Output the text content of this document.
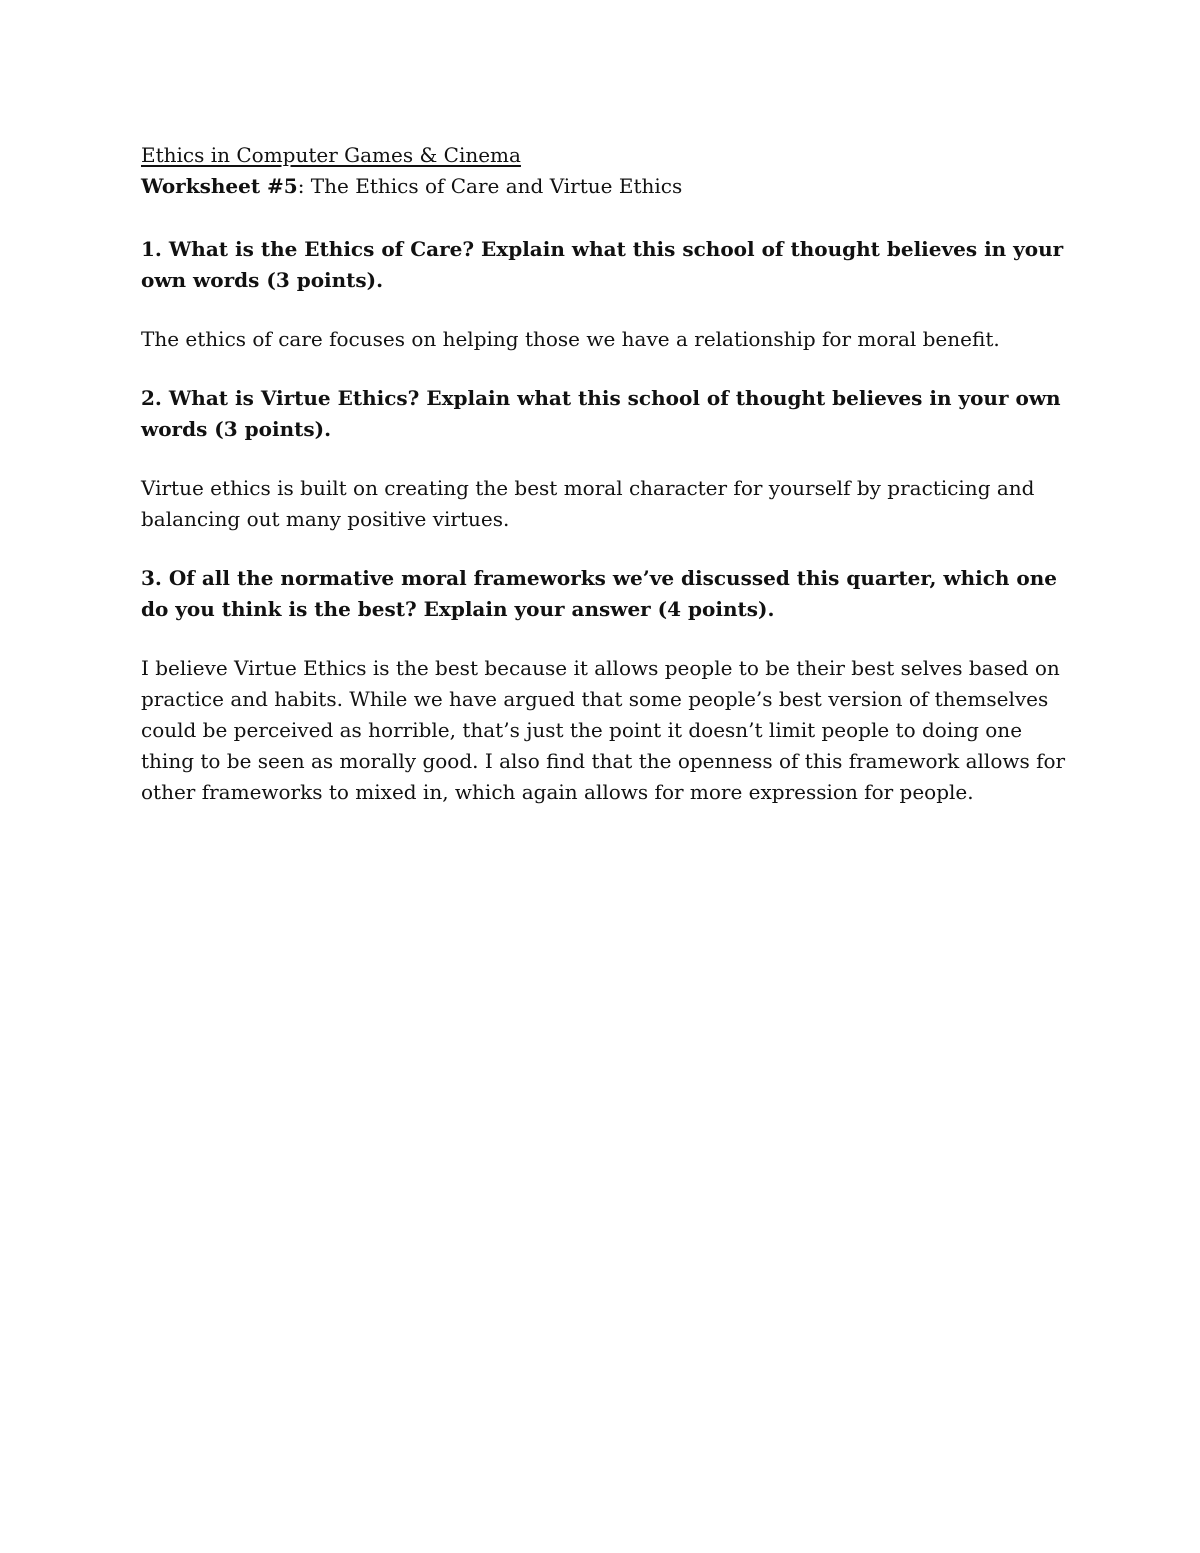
Ethics in Computer Games & Cinema

Worksheet #5: The Ethics of Care and Virtue Ethics

1. What is the Ethics of Care? Explain what this school of thought believes in your own words (3 points).

The ethics of care focuses on helping those we have a relationship for moral benefit.

2. What is Virtue Ethics? Explain what this school of thought believes in your own words (3 points).

Virtue ethics is built on creating the best moral character for yourself by practicing and balancing out many positive virtues.

3. Of all the normative moral frameworks we’ve discussed this quarter, which one do you think is the best? Explain your answer (4 points).

I believe Virtue Ethics is the best because it allows people to be their best selves based on practice and habits. While we have argued that some people’s best version of themselves could be perceived as horrible, that’s just the point it doesn’t limit people to doing one thing to be seen as morally good. I also find that the openness of this framework allows for other frameworks to mixed in, which again allows for more expression for people.
